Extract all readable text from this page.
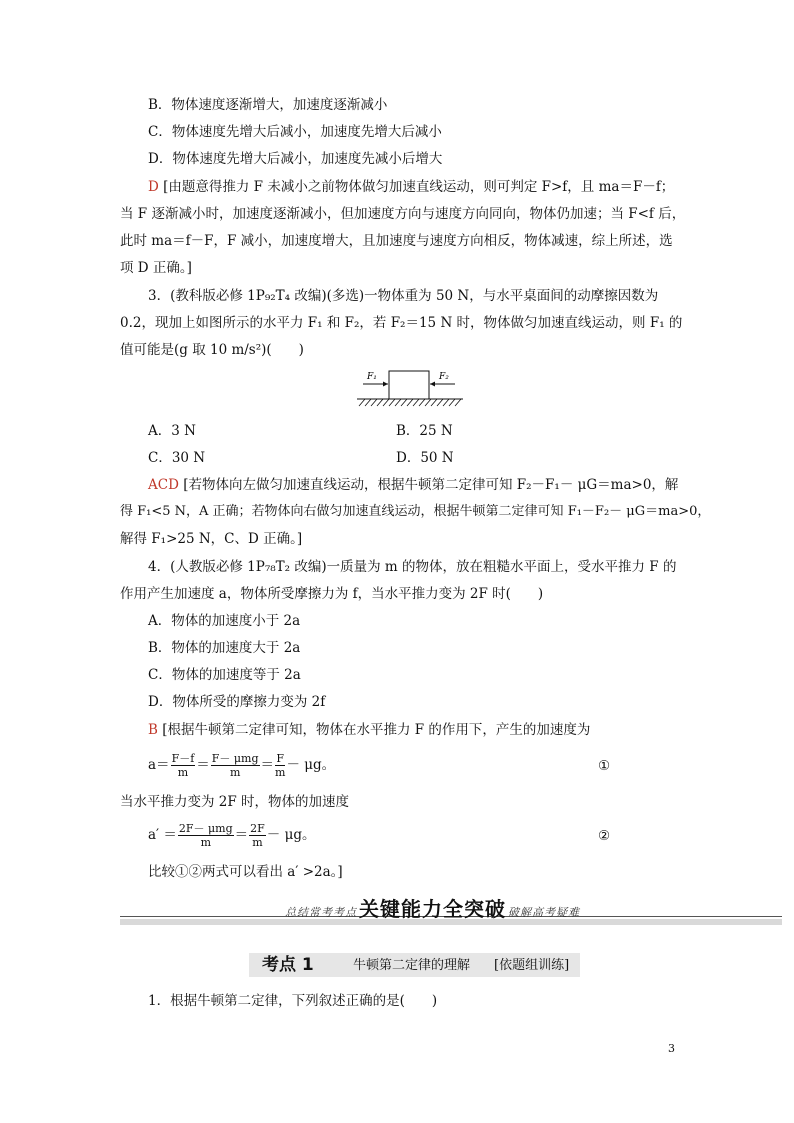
B．物体速度逐渐增大，加速度逐渐减小
C．物体速度先增大后减小，加速度先增大后减小
D．物体速度先增大后减小，加速度先减小后增大
D [由题意得推力 F 未减小之前物体做匀加速直线运动，则可判定 F>f，且 ma＝F－f；
当 F 逐渐减小时，加速度逐渐减小，但加速度方向与速度方向同向，物体仍加速；当 F<f 后，
此时 ma＝f－F，F 减小，加速度增大，且加速度与速度方向相反，物体减速，综上所述，选
项 D 正确。]
3．(教科版必修 1P₉₂T₄ 改编)(多选)一物体重为 50 N，与水平桌面间的动摩擦因数为
0.2，现加上如图所示的水平力 F₁ 和 F₂，若 F₂＝15 N 时，物体做匀加速直线运动，则 F₁ 的
值可能是(g 取 10 m/s²)(　　)
F₁	F₂
A．3 N	B．25 N
C．30 N	D．50 N
ACD [若物体向左做匀加速直线运动，根据牛顿第二定律可知 F₂－F₁－ μG＝ma>0，解
得 F₁<5 N，A 正确；若物体向右做匀加速直线运动，根据牛顿第二定律可知 F₁－F₂－ μG＝ma>0，
解得 F₁>25 N，C、D 正确。]
4．(人教版必修 1P₇₈T₂ 改编)一质量为 m 的物体，放在粗糙水平面上，受水平推力 F 的
作用产生加速度 a，物体所受摩擦力为 f，当水平推力变为 2F 时(　　)
A．物体的加速度小于 2a
B．物体的加速度大于 2a
C．物体的加速度等于 2a
D．物体所受的摩擦力变为 2f
B [根据牛顿第二定律可知，物体在水平推力 F 的作用下，产生的加速度为
$a= \frac{F-f}{m} = \frac{\text{F－ μmg}}{m} = \frac{F}{m} - \mu g$。	①
当水平推力变为 2F 时，物体的加速度
$a' = \frac{\text{2F－ μmg}}{m} = \frac{2F}{m} - \mu g$。	②
比较①②两式可以看出 a′ >2a。]
总结常考考点 关键能力全突破 破解高考疑难
考点 1	牛顿第二定律的理解 [依题组训练]
1．根据牛顿第二定律，下列叙述正确的是(　　)
3
